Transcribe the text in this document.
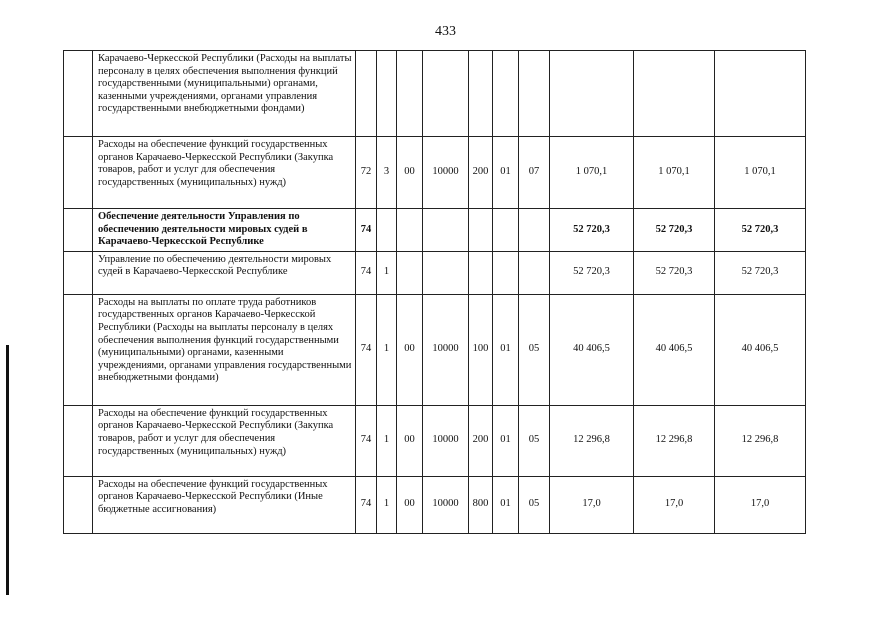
433
	Карачаево-Черкесской Республики (Расходы на выплаты персоналу в целях обеспечения выполнения функций государственными (муниципальными) органами, казенными учреждениями, органами управления государственными внебюджетными фондами)										
	Расходы на обеспечение функций государственных органов Карачаево-Черкесской Республики (Закупка товаров, работ и услуг для обеспечения государственных (муниципальных) нужд)	72	3	00	10000	200	01	07	1 070,1	1 070,1	1 070,1
	Обеспечение деятельности Управления по обеспечению деятельности мировых судей в Карачаево-Черкесской Республике	74							52 720,3	52 720,3	52 720,3
	Управление по обеспечению деятельности мировых судей в Карачаево-Черкесской Республике	74	1						52 720,3	52 720,3	52 720,3
	Расходы на выплаты по оплате труда работников государственных органов Карачаево-Черкесской Республики (Расходы на выплаты персоналу в целях обеспечения выполнения функций государственными (муниципальными) органами, казенными учреждениями, органами управления государственными внебюджетными фондами)	74	1	00	10000	100	01	05	40 406,5	40 406,5	40 406,5
	Расходы на обеспечение функций государственных органов Карачаево-Черкесской Республики (Закупка товаров, работ и услуг для обеспечения государственных (муниципальных) нужд)	74	1	00	10000	200	01	05	12 296,8	12 296,8	12 296,8
	Расходы на обеспечение функций государственных органов Карачаево-Черкесской Республики (Иные бюджетные ассигнования)	74	1	00	10000	800	01	05	17,0	17,0	17,0
